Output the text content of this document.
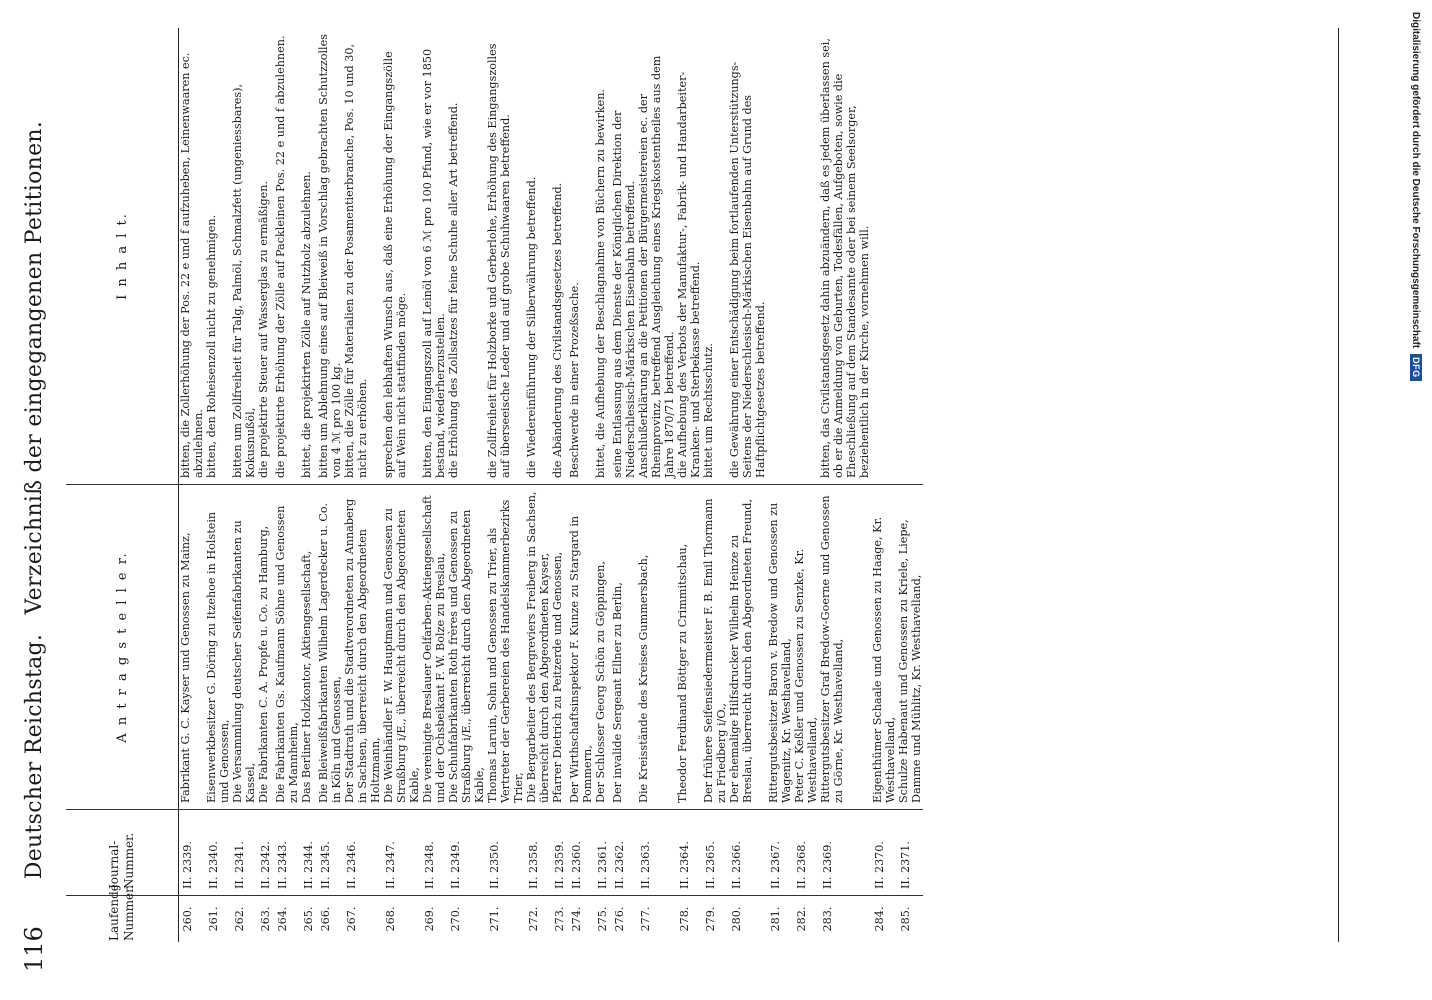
116
Deutscher Reichstag. Verzeichniß der eingegangenen Petitionen.
Laufende Nummer.	Journal-Nummer.	A n t r a g s t e l l e r.	I n h a l t.
260.	II. 2339.	Fabrikant G. C. Kayser und Genossen zu Mainz,	bitten, die Zollerhöhung der Pos. 22 e und f aufzuheben, Leinenwaaren ec. abzulehnen.
261.	II. 2340.	Eisenwerkbesitzer G. Döring zu Itzehoe in Holstein und Genossen,	bitten, den Roheisenzoll nicht zu genehmigen.
262.	II. 2341.	Die Versammlung deutscher Seifenfabrikanten zu Kassel,	bitten um Zollfreiheit für Talg, Palmöl, Schmalzfett (ungeniessbares), Kokusnußöl,
263.	II. 2342.	Die Fabrikanten C. A. Propfe u. Co. zu Hamburg,	die projektirte Steuer auf Wasserglas zu ermäßigen.
264.	II. 2343.	Die Fabrikanten Gs. Kaufmann Söhne und Genossen zu Mannheim,	die projektirte Erhöhung der Zölle auf Packleinen Pos. 22 e und f abzulehnen.
265.	II. 2344.	Das Berliner Holzkontor, Aktiengesellschaft,	bittet, die projektirten Zölle auf Nutzholz abzulehnen.
266.	II. 2345.	Die Bleiweißfabrikanten Wilhelm Lagerdecker u. Co. in Köln und Genossen,	bitten um Ablehnung eines auf Bleiweiß in Vorschlag gebrachten Schutzzolles von 4 ℳ pro 100 kg.
267.	II. 2346.	Der Stadtrath und die Stadtverordneten zu Annaberg in Sachsen, überreicht durch den Abgeordneten Holtzmann,	bitten, die Zölle für Materialien zu der Posamentierbranche, Pos. 10 und 30, nicht zu erhöhen.
268.	II. 2347.	Die Weinhändler F. W. Hauptmann und Genossen zu Straßburg i/E., überreicht durch den Abgeordneten Kable,	sprechen den lebhaften Wunsch aus, daß eine Erhöhung der Eingangszölle auf Wein nicht stattfinden möge.
269.	II. 2348.	Die vereinigte Breslauer Oelfarben-Aktiengesellschaft und der Ochsbeikant F. W. Bolze zu Breslau,	bitten, den Eingangszoll auf Leinöl von 6 ℳ pro 100 Pfund, wie er vor 1850 bestand, wiederherzustellen.
270.	II. 2349.	Die Schuhfabrikanten Roth frères und Genossen zu Straßburg i/E., überreicht durch den Abgeordneten Kable,	die Erhöhung des Zollsatzes für feine Schuhe aller Art betreffend.
271.	II. 2350.	Thomas Laruin, Sohn und Genossen zu Trier, als Vertreter der Gerbereien des Handelskammerbezirks Trier,	die Zollfreiheit für Holzborke und Gerberlohe, Erhöhung des Eingangszolles auf überseeische Leder und auf grobe Schuhwaaren betreffend.
272.	II. 2358.	Die Bergarbeiter des Bergreviers Freiberg in Sachsen, überreicht durch den Abgeordneten Kayser,	die Wiedereinführung der Silberwährung betreffend.
273.	II. 2359.	Pfarrer Dietrich zu Peitzerde und Genossen,	die Abänderung des Civilstandsgesetzes betreffend.
274.	II. 2360.	Der Wirthschaftsinspektor F. Kunze zu Stargard in Pommern,	Beschwerde in einer Prozeßsache.
275.	II. 2361.	Der Schlosser Georg Schön zu Göppingen,	bittet, die Aufhebung der Beschlagnahme von Büchern zu bewirken.
276.	II. 2362.	Der invalide Sergeant Ellner zu Berlin,	seine Entlassung aus dem Dienste der Königlichen Direktion der Niederschlesisch-Märkischen Eisenbahn betreffend.
277.	II. 2363.	Die Kreisstände des Kreises Gummersbach,	Anschlußerklärung an die Petitionen der Bürgermeistereien ec. der Rheinprovinz, betreffend Ausgleichung eines Kriegskostentheiles aus dem Jahre 1870/71 betreffend.
278.	II. 2364.	Theodor Ferdinand Böttger zu Crimmitschau,	die Aufhebung des Verbots der Manufaktur-, Fabrik- und Handarbeiter-Kranken- und Sterbekasse betreffend.
279.	II. 2365.	Der frühere Seifensiedermeister F. B. Emil Thormann zu Friedberg i/O.,	bittet um Rechtsschutz.
280.	II. 2366.	Der ehemalige Hilfsdrucker Wilhelm Heinze zu Breslau, überreicht durch den Abgeordneten Freund,	die Gewährung einer Entschädigung beim fortlaufenden Unterstützungs-Seitens der Niederschlesisch-Märkischen Eisenbahn auf Grund des Haftpflichtgesetzes betreffend.
281.	II. 2367.	Rittergutsbesitzer Baron v. Bredow und Genossen zu Wagenitz, Kr. Westhavelland,	
282.	II. 2368.	Peter C. Keßler und Genossen zu Senzke, Kr. Westhavelland,	
283.	II. 2369.	Rittergutsbesitzer Graf Bredow-Goerne und Genossen zu Görne, Kr. Westhavelland,	bitten, das Civilstandsgesetz dahin abzuändern, daß es jedem überlassen sei, ob er die Anmeldung von Geburten, Todesfällen, Aufgeboten, sowie die Eheschließung auf dem Standesamte oder bei seinem Seelsorger, beziehentlich in der Kirche, vornehmen will.
284.	II. 2370.	Eigenthümer Schaale und Genossen zu Haage, Kr. Westhavelland,	
285.	II. 2371.	Schulze Habenaut und Genossen zu Kriele, Liepe, Damme und Mühlitz, Kr. Westhavelland,	
Digitalisierung gefördert durch die Deutsche Forschungsgemeinschaft
DFG
